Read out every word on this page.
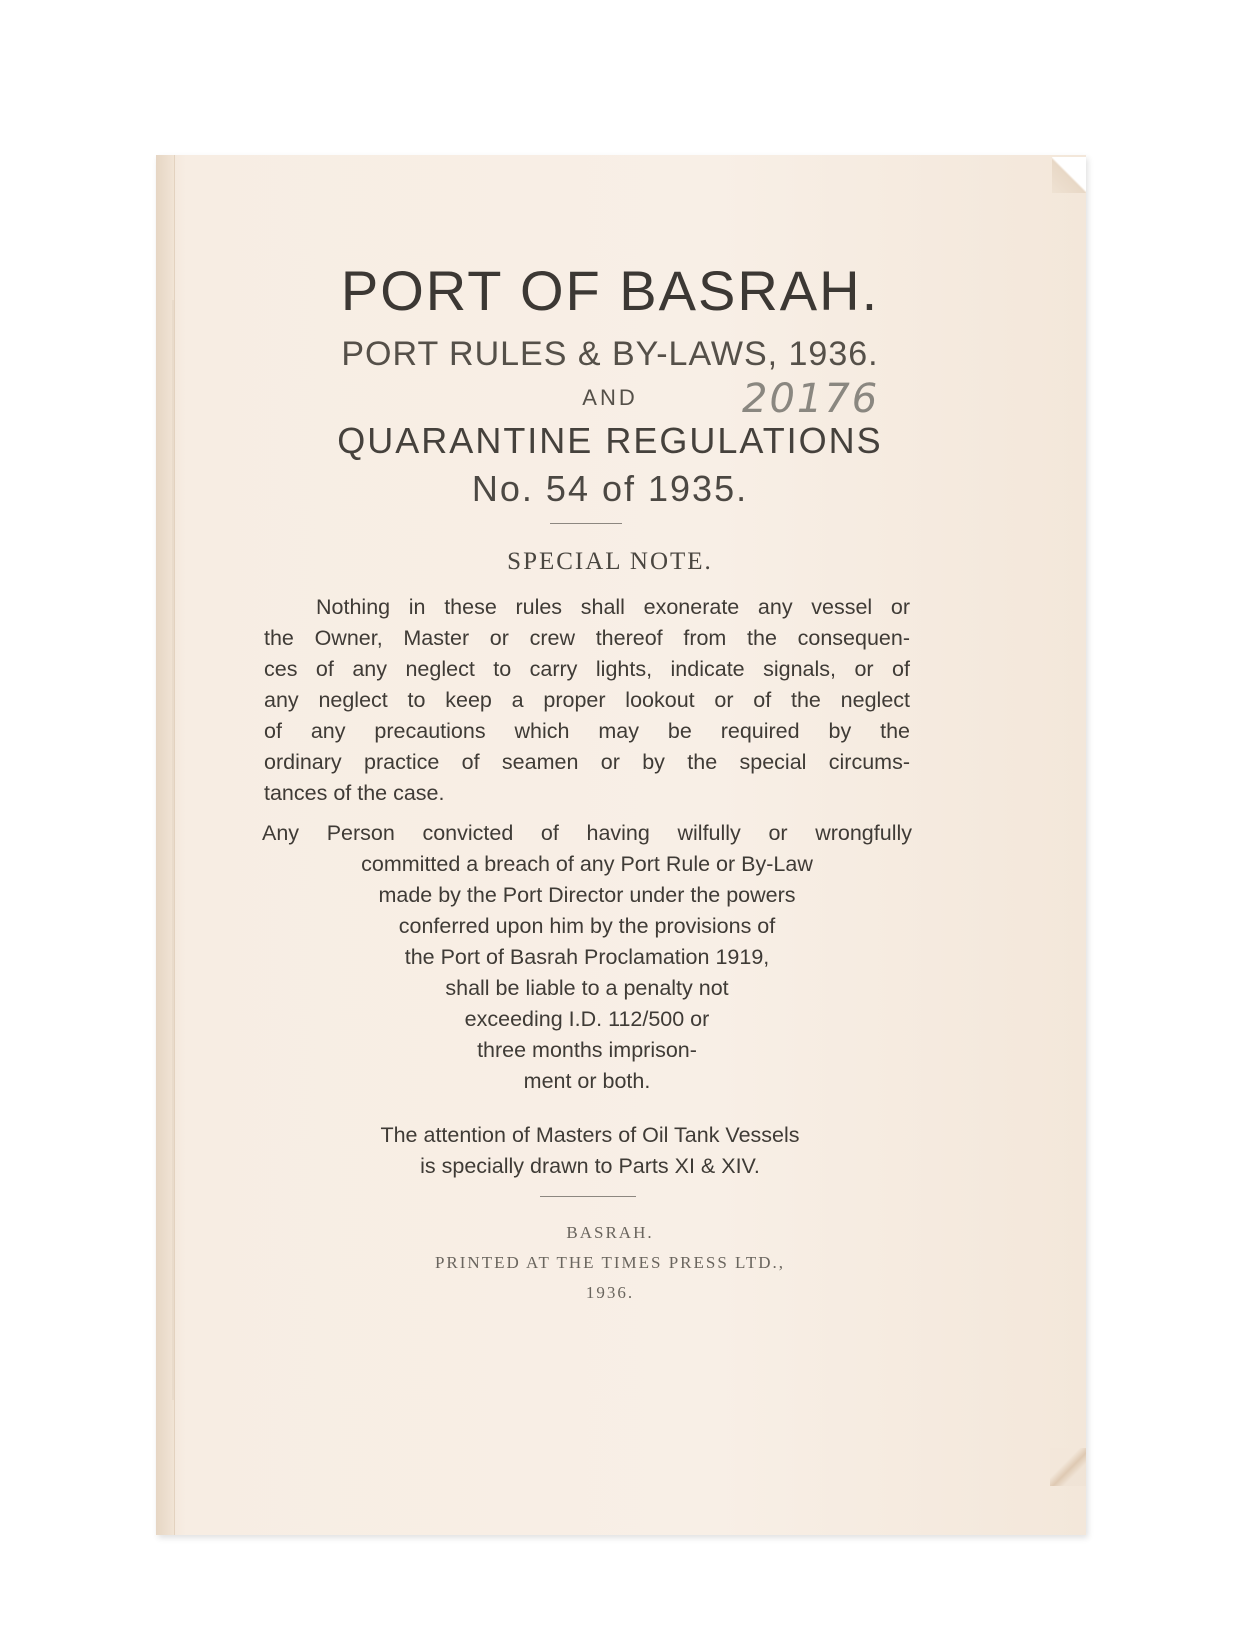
PORT OF BASRAH.
PORT RULES & BY-LAWS, 1936.
AND	20176
QUARANTINE REGULATIONS
No. 54 of 1935.
SPECIAL NOTE.
Nothing in these rules shall exonerate any vessel or
the Owner, Master or crew thereof from the consequen-
ces of any neglect to carry lights, indicate signals, or of
any neglect to keep a proper lookout or of the neglect
of any precautions which may be required by the
ordinary practice of seamen or by the special circums-
tances of the case.
Any Person convicted of having wilfully or wrongfully
committed a breach of any Port Rule or By-Law
made by the Port Director under the powers
conferred upon him by the provisions of
the Port of Basrah Proclamation 1919,
shall be liable to a penalty not
exceeding I.D. 112/500 or
three months imprison-
ment or both.
The attention of Masters of Oil Tank Vessels
is specially drawn to Parts XI & XIV.
BASRAH.
PRINTED AT THE TIMES PRESS LTD.,
1936.
